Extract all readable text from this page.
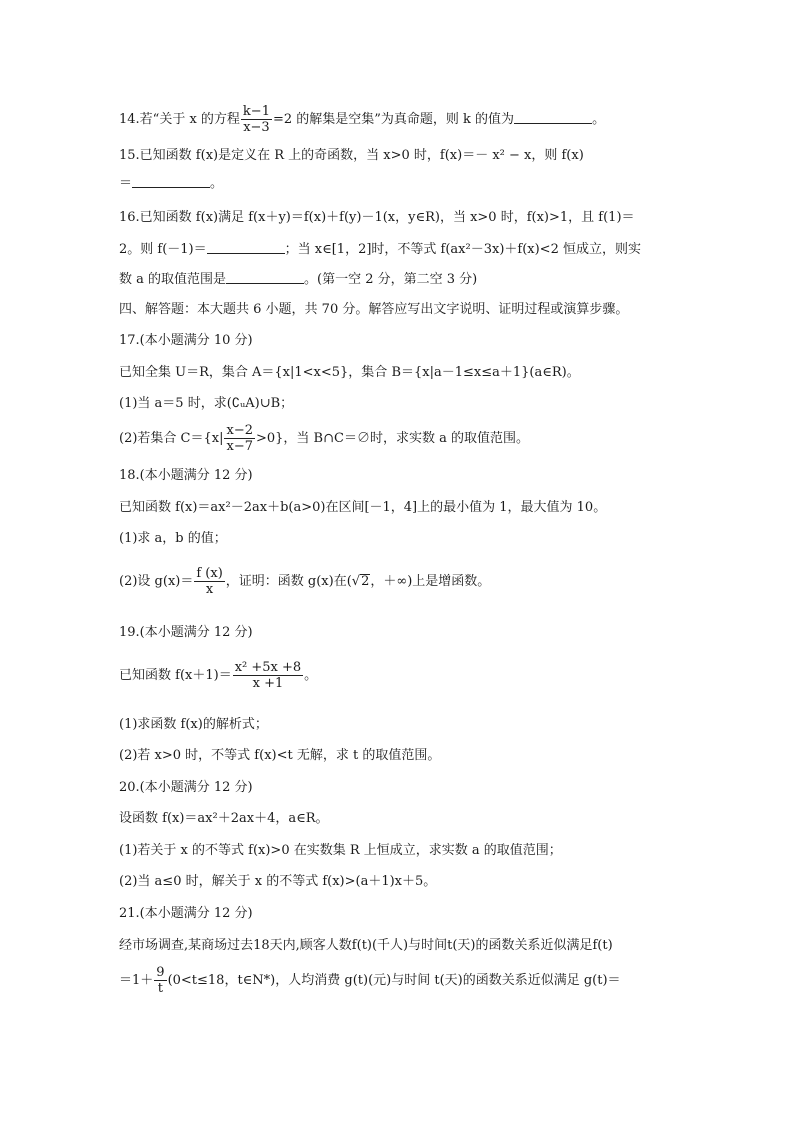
14.若“关于 x 的方程 $\frac{k-1}{x-3} =2$ 的解集是空集”为真命题，则 k 的值为	。
15.已知函数 f(x)是定义在 R 上的奇函数，当 x>0 时，f(x)＝－ x² − x，则 f(x)
＝	。
16.已知函数 f(x)满足 f(x＋y)＝f(x)＋f(y)－1(x，y∈R)，当 x>0 时，f(x)>1，且 f(1)＝
2。则 f(－1)＝	；当 x∈[1，2]时，不等式 f(ax²－3x)＋f(x)<2 恒成立，则实
数 a 的取值范围是	。(第一空 2 分，第二空 3 分)
四、解答题：本大题共 6 小题，共 70 分。解答应写出文字说明、证明过程或演算步骤。
17.(本小题满分 10 分)
已知全集 U＝R，集合 A＝{x|1<x<5}，集合 B＝{x|a－1≤x≤a＋1}(a∈R)。
(1)当 a＝5 时，求(∁ᵤA)∪B；
(2)若集合 $C=\{x| \frac{x-2}{x-7} >0\}$，当 B∩C＝∅时，求实数 a 的取值范围。
18.(本小题满分 12 分)
已知函数 f(x)＝ax²－2ax＋b(a>0)在区间[－1，4]上的最小值为 1，最大值为 10。
(1)求 a，b 的值；
(2)设 $g(x)= \frac{f (x)}{x}$ ，证明：函数 g(x)在(√2，＋∞)上是增函数。
19.(本小题满分 12 分)
已知函数 $f(x+1)= \frac{\text{x² +5x +8}}{x +1}$ 。
(1)求函数 f(x)的解析式；
(2)若 x>0 时，不等式 f(x)<t 无解，求 t 的取值范围。
20.(本小题满分 12 分)
设函数 f(x)＝ax²＋2ax＋4，a∈R。
(1)若关于 x 的不等式 f(x)>0 在实数集 R 上恒成立，求实数 a 的取值范围；
(2)当 a≤0 时，解关于 x 的不等式 f(x)>(a＋1)x＋5。
21.(本小题满分 12 分)
经市场调查,某商场过去18天内,顾客人数f(t)(千人)与时间t(天)的函数关系近似满足f(t)
$=1+ \frac{9}{t} (0<t\le 18$，t∈N*)，人均消费 g(t)(元)与时间 t(天)的函数关系近似满足 g(t)＝
